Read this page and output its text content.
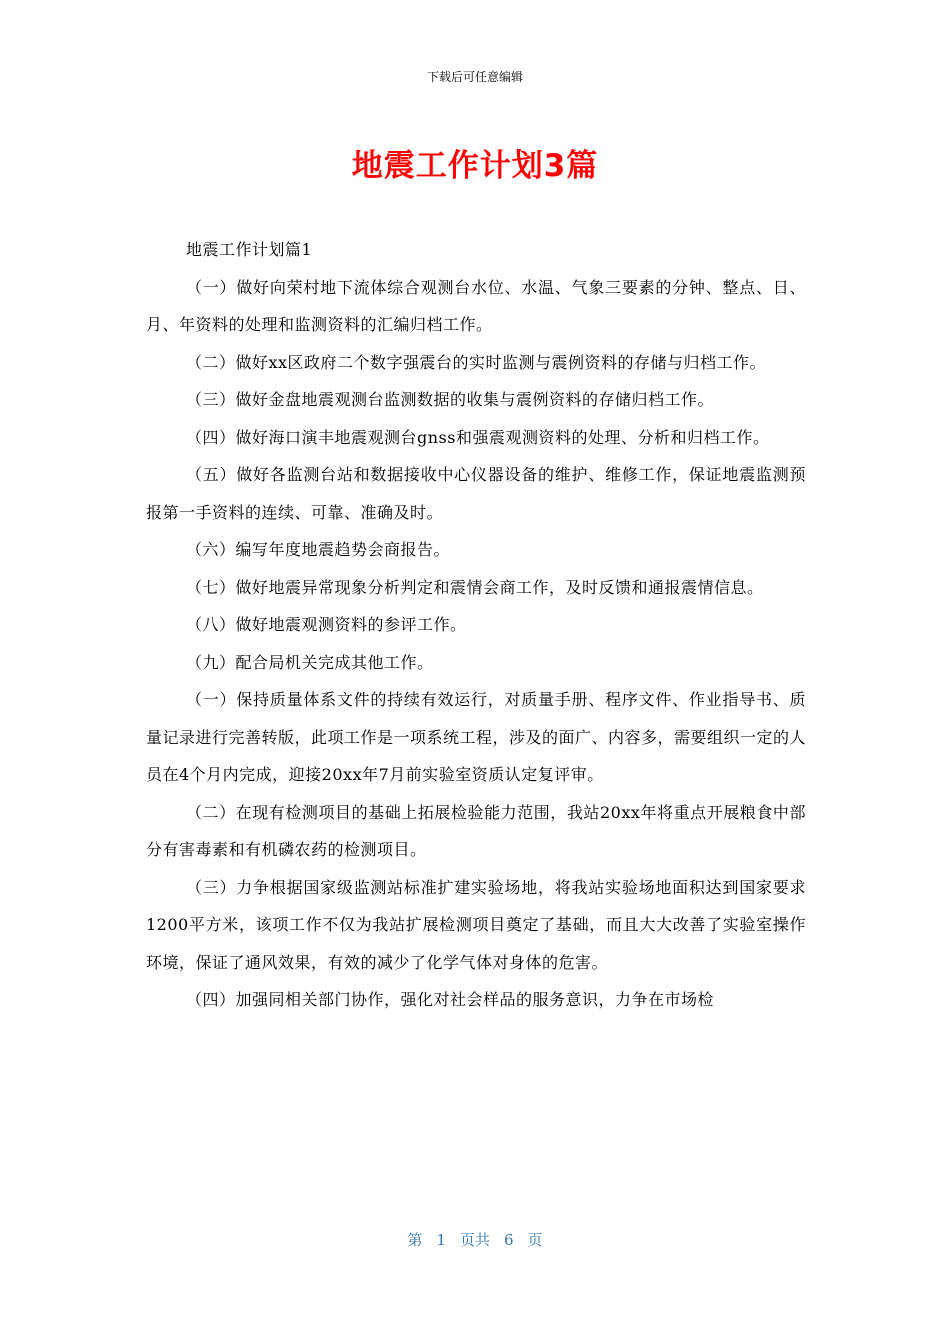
下载后可任意编辑
地震工作计划3篇

地震工作计划篇1

（一）做好向荣村地下流体综合观测台水位、水温、气象三要素的分钟、整点、日、月、年资料的处理和监测资料的汇编归档工作。

（二）做好xx区政府二个数字强震台的实时监测与震例资料的存储与归档工作。

（三）做好金盘地震观测台监测数据的收集与震例资料的存储归档工作。

（四）做好海口演丰地震观测台gnss和强震观测资料的处理、分析和归档工作。

（五）做好各监测台站和数据接收中心仪器设备的维护、维修工作，保证地震监测预报第一手资料的连续、可靠、准确及时。

（六）编写年度地震趋势会商报告。

（七）做好地震异常现象分析判定和震情会商工作，及时反馈和通报震情信息。

（八）做好地震观测资料的参评工作。

（九）配合局机关完成其他工作。

（一）保持质量体系文件的持续有效运行，对质量手册、程序文件、作业指导书、质量记录进行完善转版，此项工作是一项系统工程，涉及的面广、内容多，需要组织一定的人员在4个月内完成，迎接20xx年7月前实验室资质认定复评审。

（二）在现有检测项目的基础上拓展检验能力范围，我站20xx年将重点开展粮食中部分有害毒素和有机磷农药的检测项目。

（三）力争根据国家级监测站标准扩建实验场地，将我站实验场地面积达到国家要求1200平方米，该项工作不仅为我站扩展检测项目奠定了基础，而且大大改善了实验室操作环境，保证了通风效果，有效的减少了化学气体对身体的危害。

（四）加强同相关部门协作，强化对社会样品的服务意识，力争在市场检

第 1 页共 6 页
